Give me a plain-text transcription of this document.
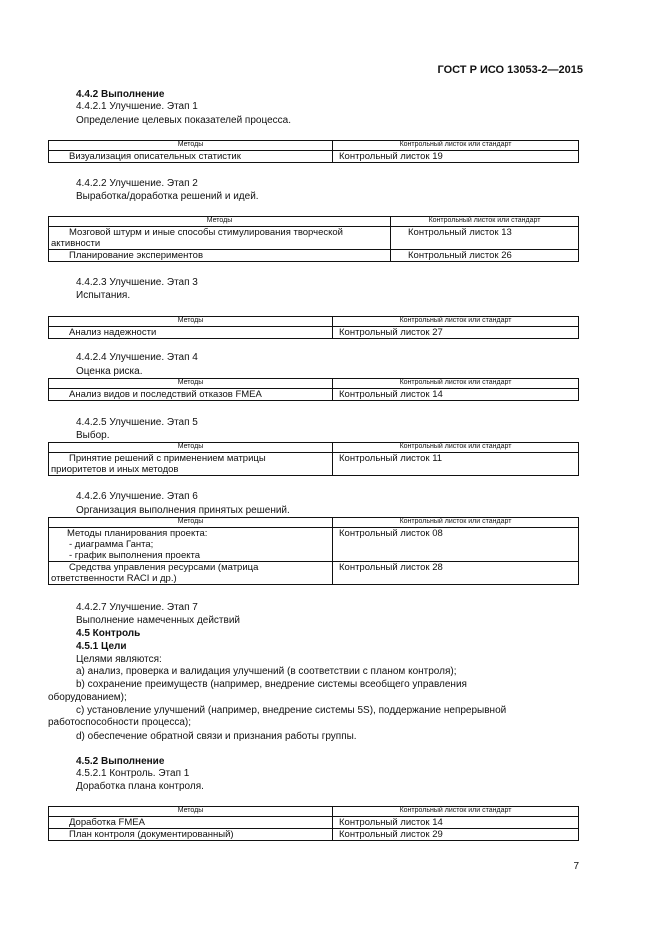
ГОСТ Р ИСО 13053-2—2015
4.4.2 Выполнение
4.4.2.1 Улучшение. Этап 1
Определение целевых показателей процесса.
Методы	Контрольный листок или стандарт
Визуализация описательных статистик	Контрольный листок 19
4.4.2.2 Улучшение. Этап 2
Выработка/доработка решений и идей.
Методы	Контрольный листок или стандарт
Мозговой штурм и иные способы стимулирования творческой активности	Контрольный листок 13
Планирование экспериментов	Контрольный листок 26
4.4.2.3 Улучшение. Этап 3
Испытания.
Методы	Контрольный листок или стандарт
Анализ надежности	Контрольный листок 27
4.4.2.4 Улучшение. Этап 4
Оценка риска.
Методы	Контрольный листок или стандарт
Анализ видов и последствий отказов FMEA	Контрольный листок 14
4.4.2.5 Улучшение. Этап 5
Выбор.
Методы	Контрольный листок или стандарт
Принятие решений с применением матрицы приоритетов и иных методов	Контрольный листок 11
4.4.2.6 Улучшение. Этап 6
Организация выполнения принятых решений.
Методы	Контрольный листок или стандарт

Методы планирования проекта:
- диаграмма Ганта;
- график выполнения проекта	Контрольный листок 08
Средства управления ресурсами (матрица ответственности RACI и др.)	Контрольный листок 28
4.4.2.7 Улучшение. Этап 7
Выполнение намеченных действий
4.5 Контроль
4.5.1 Цели
Целями являются:
а) анализ, проверка и валидация улучшений (в соответствии с планом контроля);
b) сохранение преимуществ (например, внедрение системы всеобщего управления
оборудованием);
c) установление улучшений (например, внедрение системы 5S), поддержание непрерывной
работоспособности процесса);
d) обеспечение обратной связи и признания работы группы.
4.5.2 Выполнение
4.5.2.1 Контроль. Этап 1
Доработка плана контроля.
Методы	Контрольный листок или стандарт
Доработка FMEA	Контрольный листок 14
План контроля (документированный)	Контрольный листок 29
7
